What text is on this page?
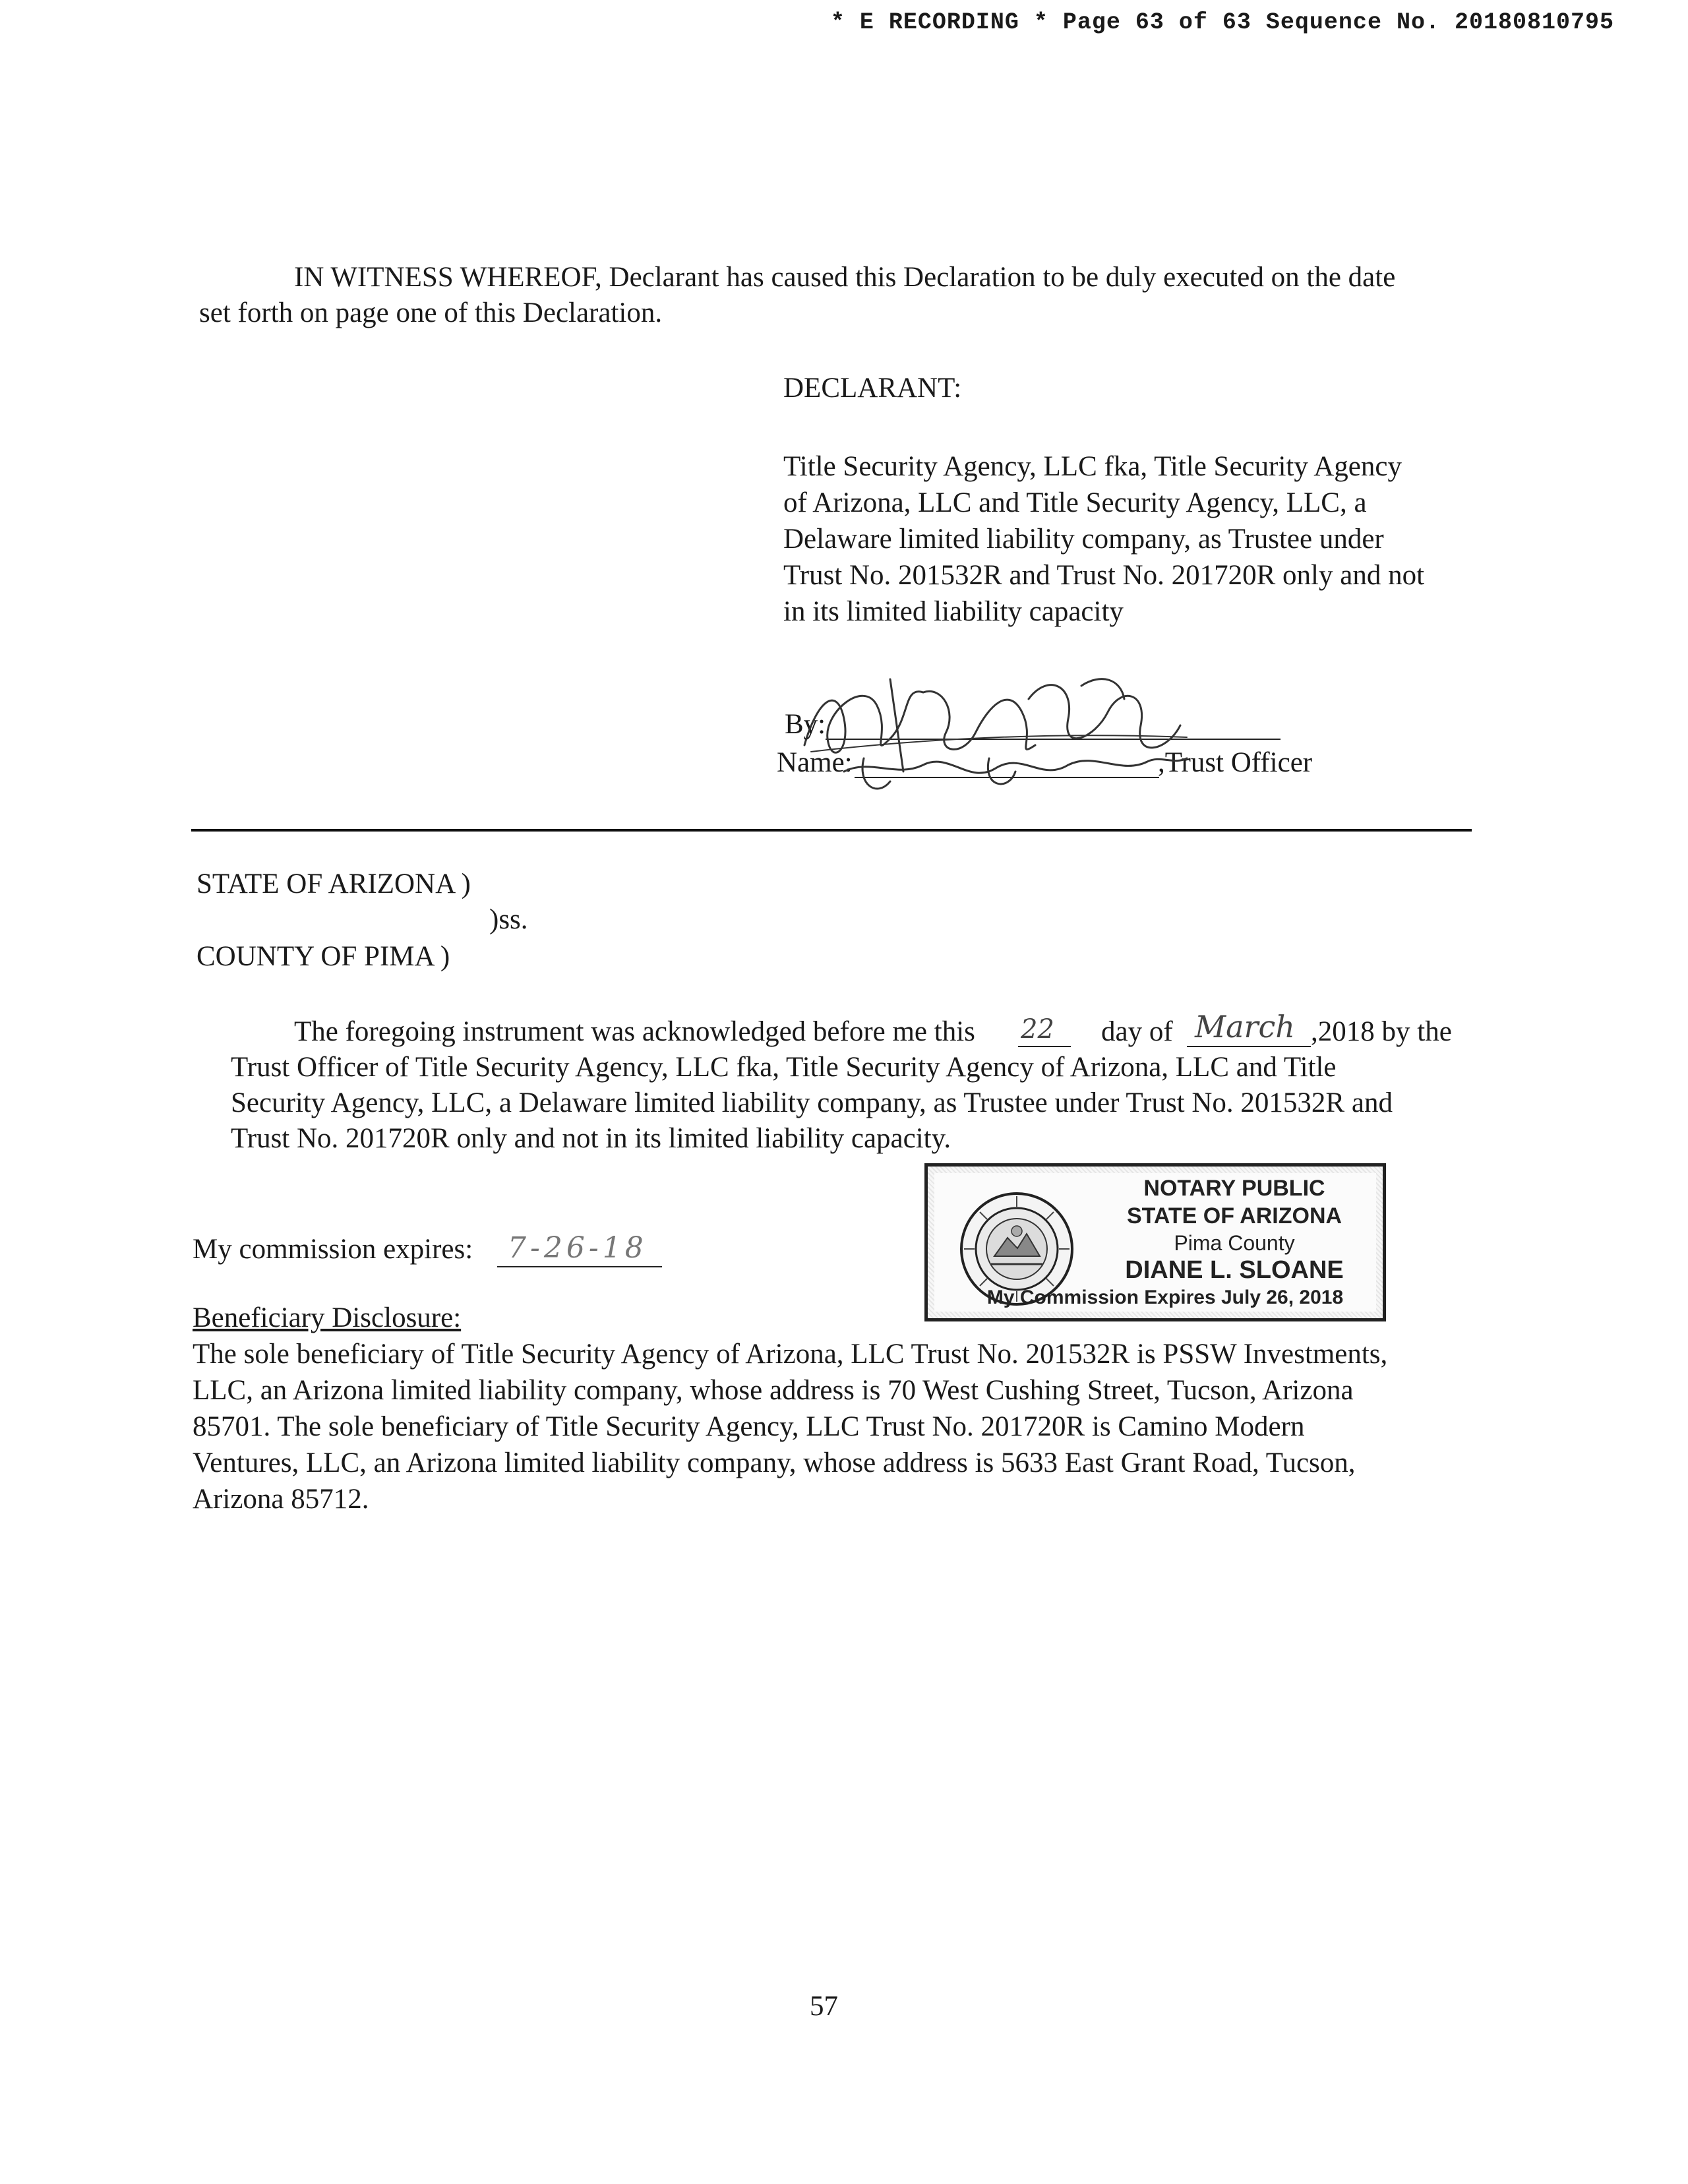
* E RECORDING * Page 63 of 63 Sequence No. 20180810795
IN WITNESS WHEREOF, Declarant has caused this Declaration to be duly executed on the date
set forth on page one of this Declaration.
DECLARANT:
Title Security Agency, LLC fka, Title Security Agency
of Arizona, LLC and Title Security Agency, LLC, a
Delaware limited liability company, as Trustee under
Trust No. 201532R and Trust No. 201720R only and not
in its limited liability capacity
By:
Name:	,Trust Officer
STATE OF ARIZONA )
)ss.
COUNTY OF PIMA )
The foregoing instrument was acknowledged before me this 22 day of March ,2018 by the
Trust Officer of Title Security Agency, LLC fka, Title Security Agency of Arizona, LLC and Title
Security Agency, LLC, a Delaware limited liability company, as Trustee under Trust No. 201532R and
Trust No. 201720R only and not in its limited liability capacity.
My commission expires: 7-26-18
NOTARY PUBLIC
STATE OF ARIZONA
Pima County
DIANE L. SLOANE
My Commission Expires July 26, 2018
Beneficiary Disclosure:
The sole beneficiary of Title Security Agency of Arizona, LLC Trust No. 201532R is PSSW Investments,
LLC, an Arizona limited liability company, whose address is 70 West Cushing Street, Tucson, Arizona
85701. The sole beneficiary of Title Security Agency, LLC Trust No. 201720R is Camino Modern
Ventures, LLC, an Arizona limited liability company, whose address is 5633 East Grant Road, Tucson,
Arizona 85712.
57
